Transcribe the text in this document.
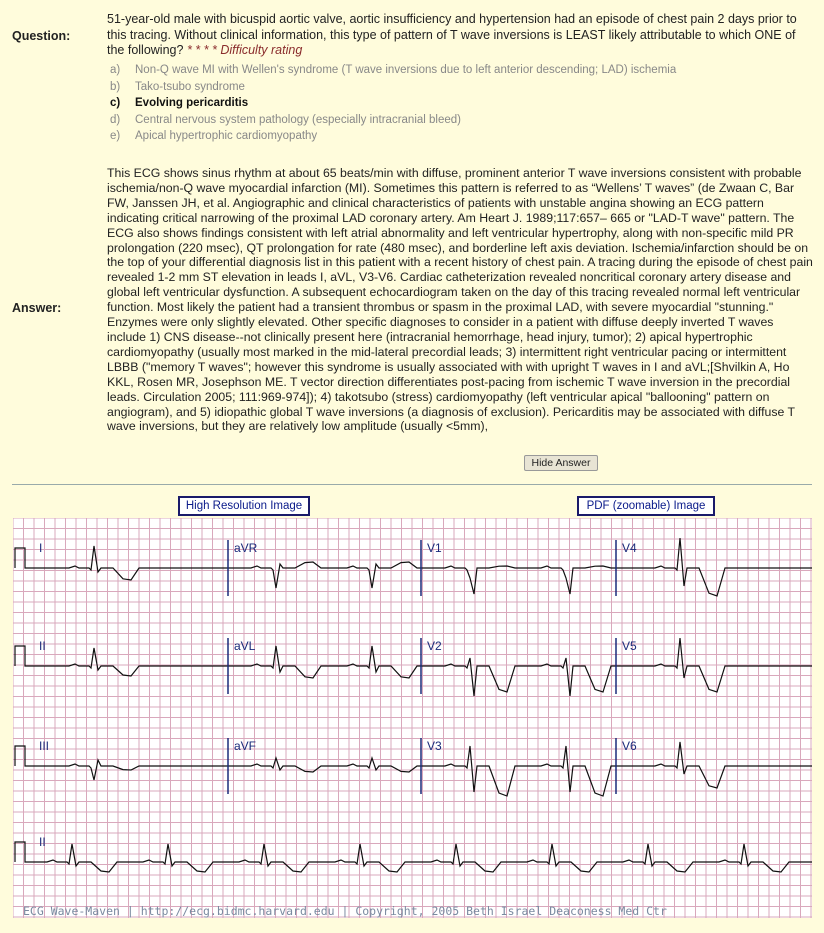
Question:
51-year-old male with bicuspid aortic valve, aortic insufficiency and hypertension had an episode of chest pain 2 days prior to this tracing. Without clinical information, this type of pattern of T wave inversions is LEAST likely attributable to which ONE of the following? * * * * Difficulty rating
a)	Non-Q wave MI with Wellen's syndrome (T wave inversions due to left anterior descending; LAD) ischemia
b)	Tako-tsubo syndrome
c)	Evolving pericarditis
d)	Central nervous system pathology (especially intracranial bleed)
e)	Apical hypertrophic cardiomyopathy
Answer:
This ECG shows sinus rhythm at about 65 beats/min with diffuse, prominent anterior T wave inversions consistent with probable ischemia/non-Q wave myocardial infarction (MI). Sometimes this pattern is referred to as “Wellens’ T waves” (de Zwaan C, Bar FW, Janssen JH, et al. Angiographic and clinical characteristics of patients with unstable angina showing an ECG pattern indicating critical narrowing of the proximal LAD coronary artery. Am Heart J. 1989;117:657– 665 or "LAD-T wave" pattern. The ECG also shows findings consistent with left atrial abnormality and left ventricular hypertrophy, along with non-specific mild PR prolongation (220 msec), QT prolongation for rate (480 msec), and borderline left axis deviation. Ischemia/infarction should be on the top of your differential diagnosis list in this patient with a recent history of chest pain. A tracing during the episode of chest pain revealed 1-2 mm ST elevation in leads I, aVL, V3-V6. Cardiac catheterization revealed noncritical coronary artery disease and global left ventricular dysfunction. A subsequent echocardiogram taken on the day of this tracing revealed normal left ventricular function. Most likely the patient had a transient thrombus or spasm in the proximal LAD, with severe myocardial "stunning." Enzymes were only slightly elevated. Other specific diagnoses to consider in a patient with diffuse deeply inverted T waves include 1) CNS disease--not clinically present here (intracranial hemorrhage, head injury, tumor); 2) apical hypertrophic cardiomyopathy (usually most marked in the mid-lateral precordial leads; 3) intermittent right ventricular pacing or intermittent LBBB ("memory T waves"; however this syndrome is usually associated with with upright T waves in I and aVL;[Shvilkin A, Ho KKL, Rosen MR, Josephson ME. T vector direction differentiates post-pacing from ischemic T wave inversion in the precordial leads. Circulation 2005; 111:969-974]); 4) takotsubo (stress) cardiomyopathy (left ventricular apical "ballooning" pattern on angiogram), and 5) idiopathic global T wave inversions (a diagnosis of exclusion). Pericarditis may be associated with diffuse T wave inversions, but they are relatively low amplitude (usually <5mm),
Hide Answer
High Resolution Image	PDF (zoomable) Image
I	aVR	V1	V4
II	aVL	V2	V5
III	aVF	V3	V6
II
ECG Wave-Maven | http://ecg.bidmc.harvard.edu | Copyright, 2005 Beth Israel Deaconess Med Ctr
